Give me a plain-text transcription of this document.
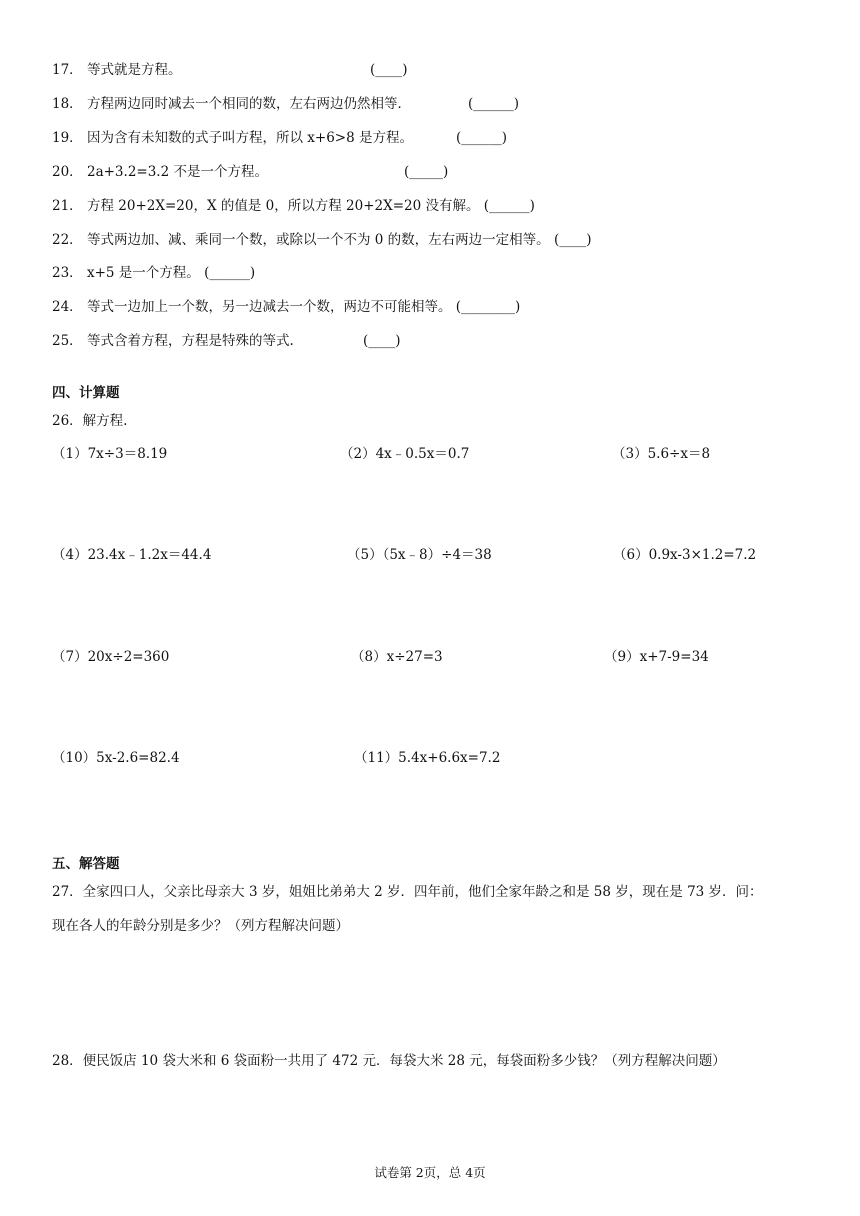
17． 等式就是方程。	(____)
18． 方程两边同时减去一个相同的数，左右两边仍然相等．	(______)
19． 因为含有未知数的式子叫方程，所以 x+6>8 是方程。	(______)
20． 2a+3.2=3.2 不是一个方程。	(_____)
21． 方程 20+2X=20，X 的值是 0，所以方程 20+2X=20 没有解。 (______)
22． 等式两边加、减、乘同一个数，或除以一个不为 0 的数，左右两边一定相等。 (____)
23． x+5 是一个方程。 (______)
24． 等式一边加上一个数，另一边减去一个数，两边不可能相等。 (________)
25． 等式含着方程，方程是特殊的等式.	(____)
四、计算题
26．解方程.
（1）7x÷3＝8.19	（2）4x﹣0.5x＝0.7	（3）5.6÷x＝8
（4）23.4x﹣1.2x＝44.4	（5）（5x﹣8）÷4＝38	（6）0.9x-3×1.2=7.2
（7）20x÷2=360	（8）x÷27=3	（9）x+7-9=34
（10）5x-2.6=82.4	（11）5.4x+6.6x=7.2
五、解答题
27．全家四口人，父亲比母亲大 3 岁，姐姐比弟弟大 2 岁．四年前，他们全家年龄之和是 58 岁，现在是 73 岁．问：
现在各人的年龄分别是多少？（列方程解决问题）
28．便民饭店 10 袋大米和 6 袋面粉一共用了 472 元．每袋大米 28 元，每袋面粉多少钱？（列方程解决问题）
试卷第 2页，总 4页
